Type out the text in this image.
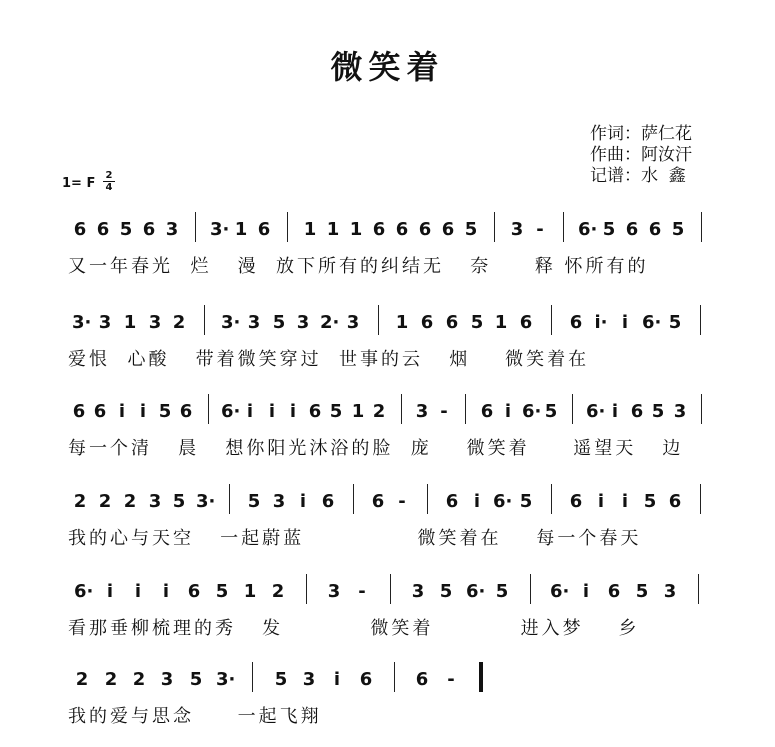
微笑着
作词：萨仁花
作曲：阿汝汗
记谱：水  鑫
1= F $\frac{2}{4}$
6 6 5 6 3 3· 1 6 1 1 1 6 6 6 6 5 3 - 6· 5 6 6 5
又一年春光  烂   漫  放下所有的纠结无   奈     释 怀所有的
3· 3 1 3 2 3· 3 5 3 2· 3 1 6 6 5 1 6 6 i· i 6· 5
爱恨  心酸   带着微笑穿过  世事的云   烟    微笑着在
6 6 i i 5 6 6· i i i 6 5 1 2 3 - 6 i 6· 5 6· i 6 5 3
每一个清   晨   想你阳光沐浴的脸  庞    微笑着     遥望天   边
2 2 2 3 5 3· 5 3 i 6 6 - 6 i 6· 5 6 i i 5 6
我的心与天空   一起蔚蓝             微笑着在    每一个春天
6· i i i 6 5 1 2 3 -	3 5 6· 5 6· i 6 5 3
看那垂柳梳理的秀   发          微笑着          进入梦    乡
2 2 2 3 5 3· 5 3 i 6 6 -
我的爱与思念     一起飞翔
